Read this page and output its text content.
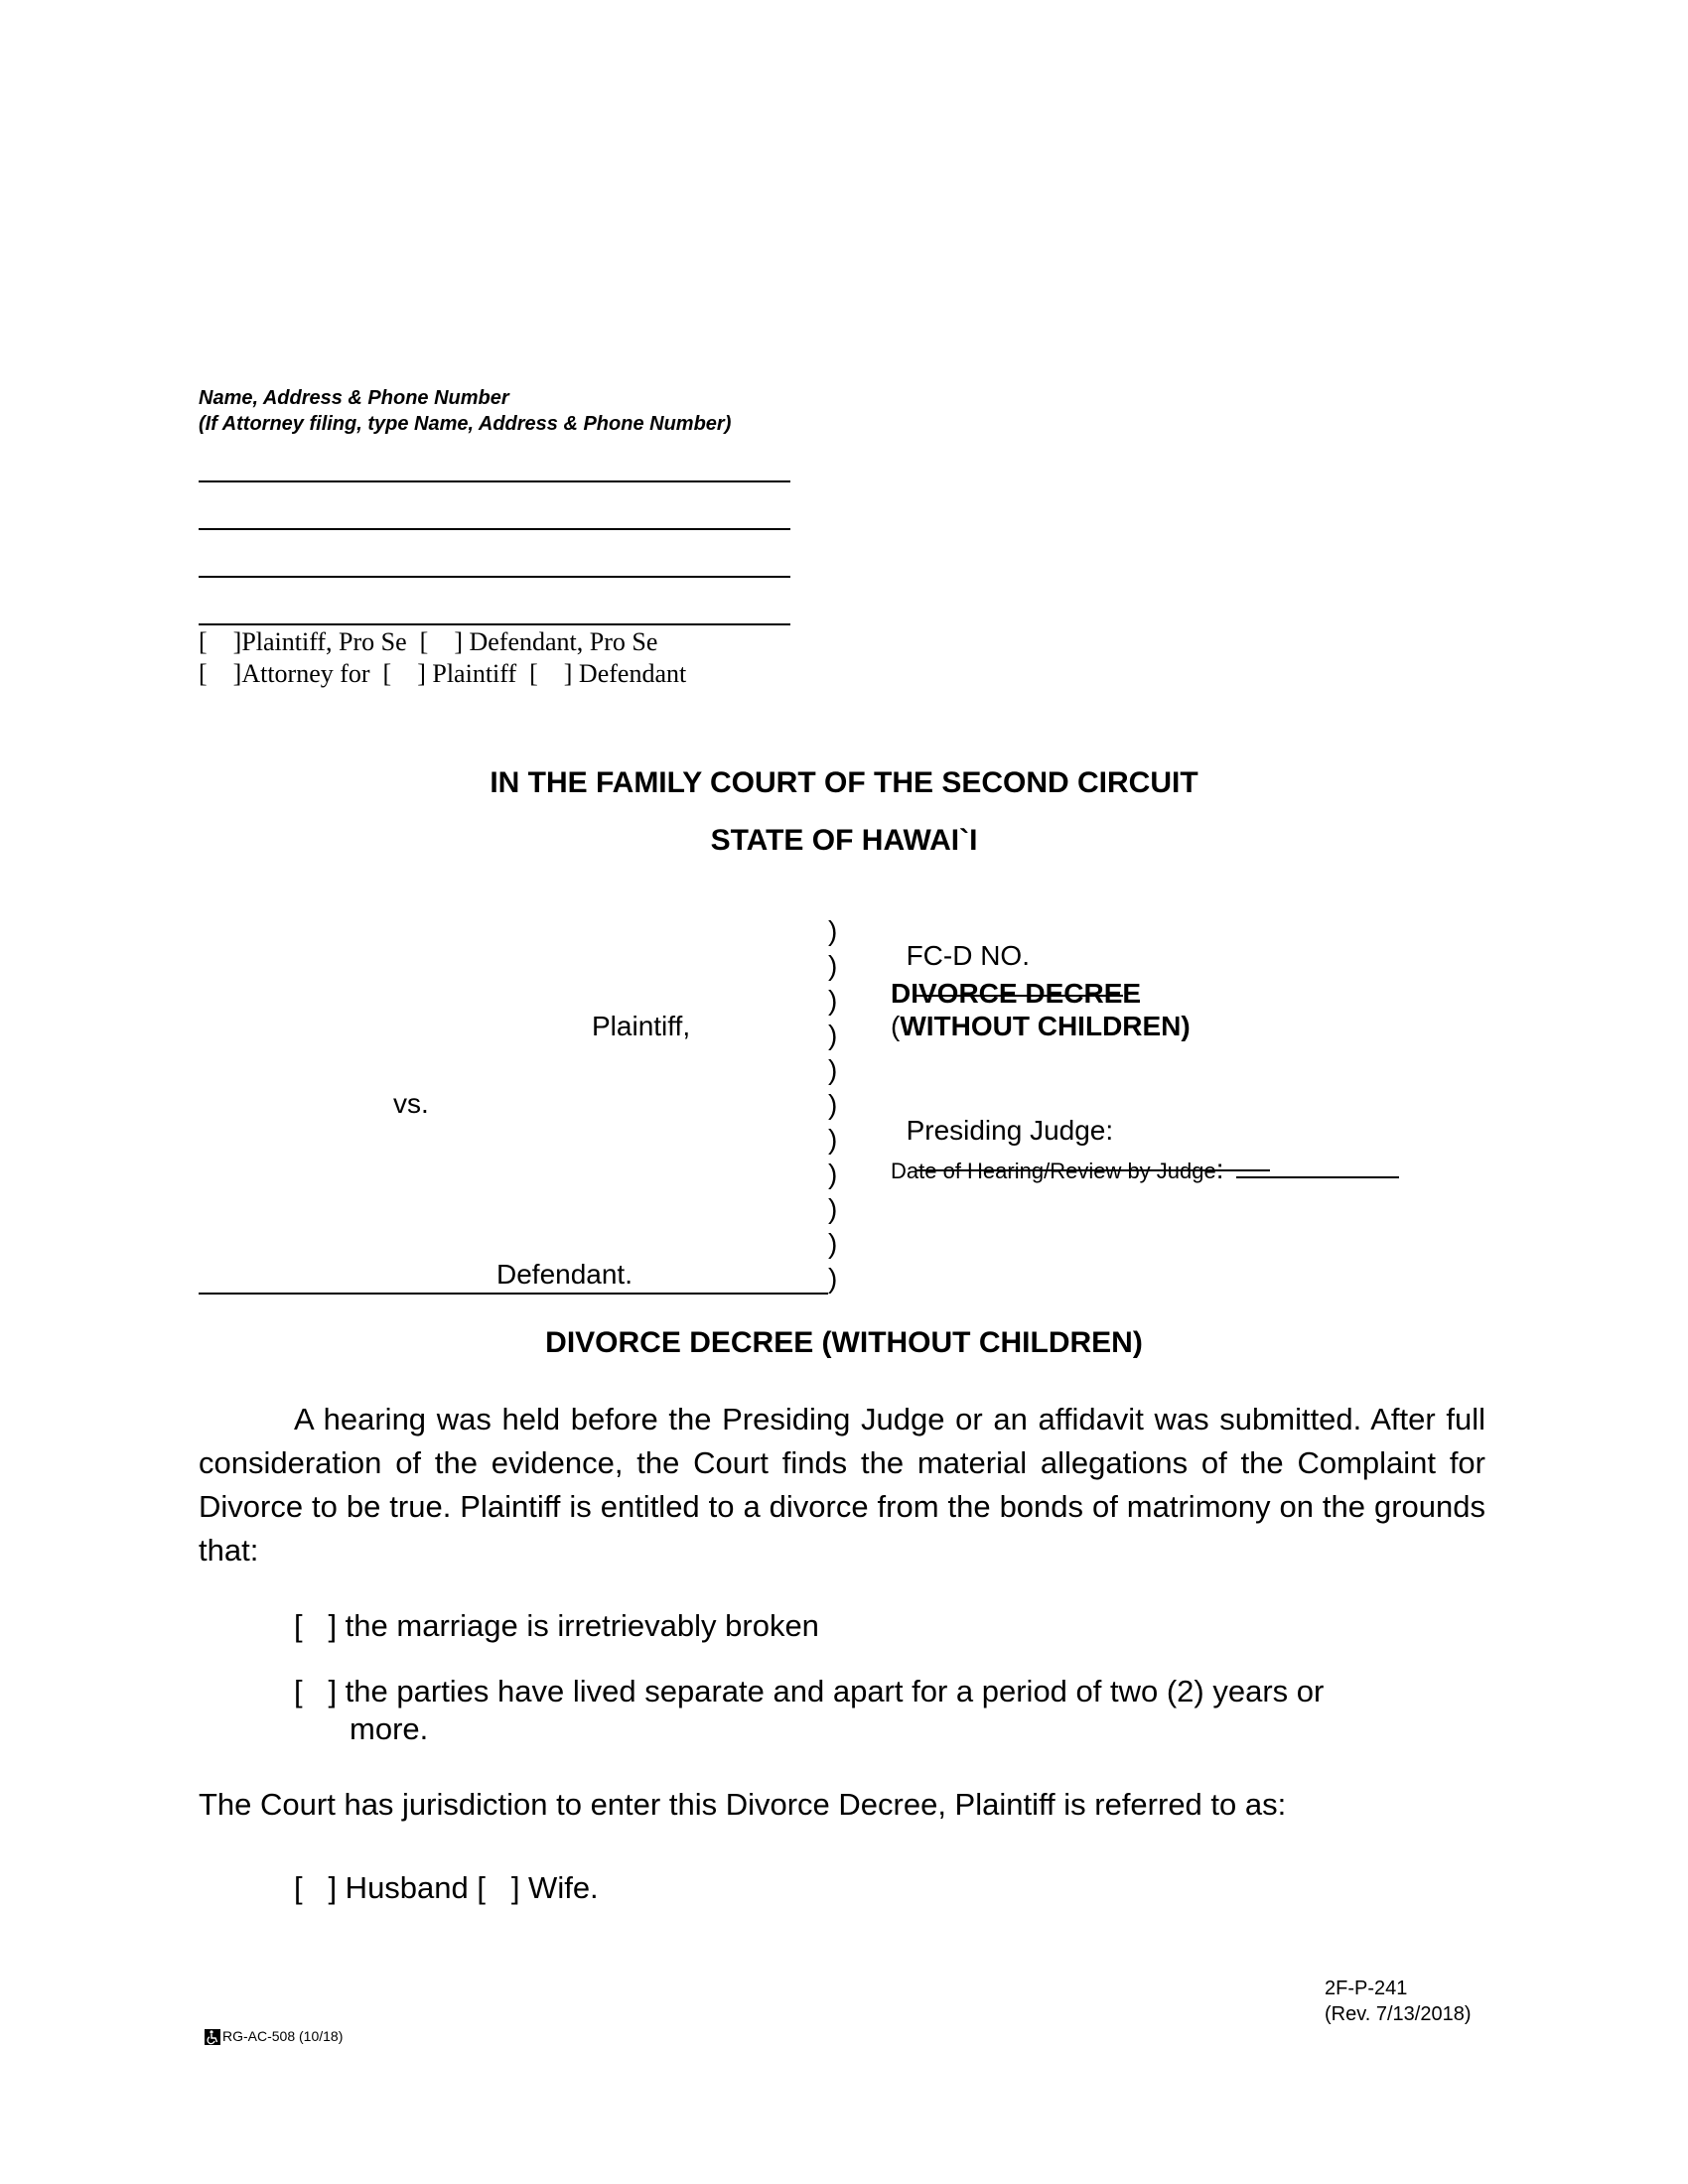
Name, Address & Phone Number
(If Attorney filing, type Name, Address & Phone Number)
[    ]Plaintiff, Pro Se  [    ] Defendant, Pro Se
[    ]Attorney for  [    ] Plaintiff  [    ] Defendant
IN THE FAMILY COURT OF THE SECOND CIRCUIT
STATE OF HAWAI`I
Plaintiff,
vs.
Defendant.
)
)
)
)
)
)
)
)
)
)
)

FC-D NO.

DIVORCE DECREE
(WITHOUT CHILDREN)

Presiding Judge:

Date of Hearing/Review by Judge:
DIVORCE DECREE (WITHOUT CHILDREN)
A hearing was held before the Presiding Judge or an affidavit was submitted. After full consideration of the evidence, the Court finds the material allegations of the Complaint for Divorce to be true. Plaintiff is entitled to a divorce from the bonds of matrimony on the grounds that:
[   ] the marriage is irretrievably broken
[   ] the parties have lived separate and apart for a period of two (2) years or
more.
The Court has jurisdiction to enter this Divorce Decree, Plaintiff is referred to as:
[   ] Husband [   ] Wife.
2F-P-241
(Rev. 7/13/2018)
RG-AC-508 (10/18)
